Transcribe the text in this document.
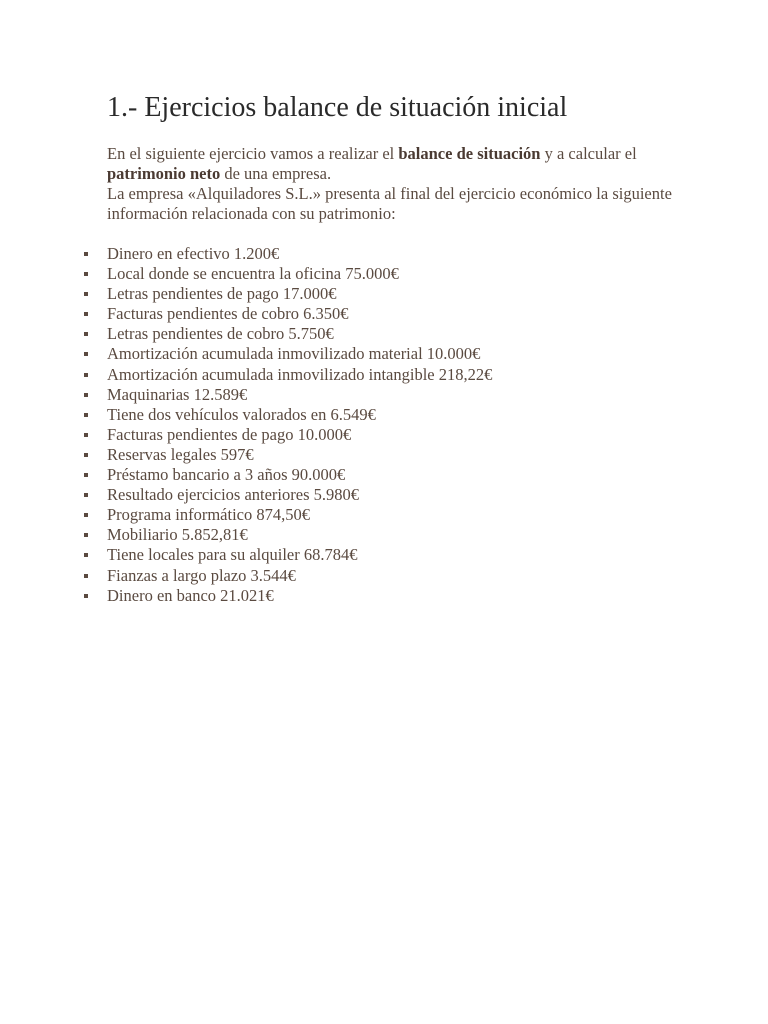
1.- Ejercicios balance de situación inicial

En el siguiente ejercicio vamos a realizar el balance de situación y a calcular el patrimonio neto de una empresa.

La empresa «Alquiladores S.L.» presenta al final del ejercicio económico la siguiente información relacionada con su patrimonio:

Dinero en efectivo 1.200€
Local donde se encuentra la oficina 75.000€
Letras pendientes de pago 17.000€
Facturas pendientes de cobro 6.350€
Letras pendientes de cobro 5.750€
Amortización acumulada inmovilizado material 10.000€
Amortización acumulada inmovilizado intangible 218,22€
Maquinarias 12.589€
Tiene dos vehículos valorados en 6.549€
Facturas pendientes de pago 10.000€
Reservas legales 597€
Préstamo bancario a 3 años 90.000€
Resultado ejercicios anteriores 5.980€
Programa informático 874,50€
Mobiliario 5.852,81€
Tiene locales para su alquiler 68.784€
Fianzas a largo plazo 3.544€
Dinero en banco 21.021€
